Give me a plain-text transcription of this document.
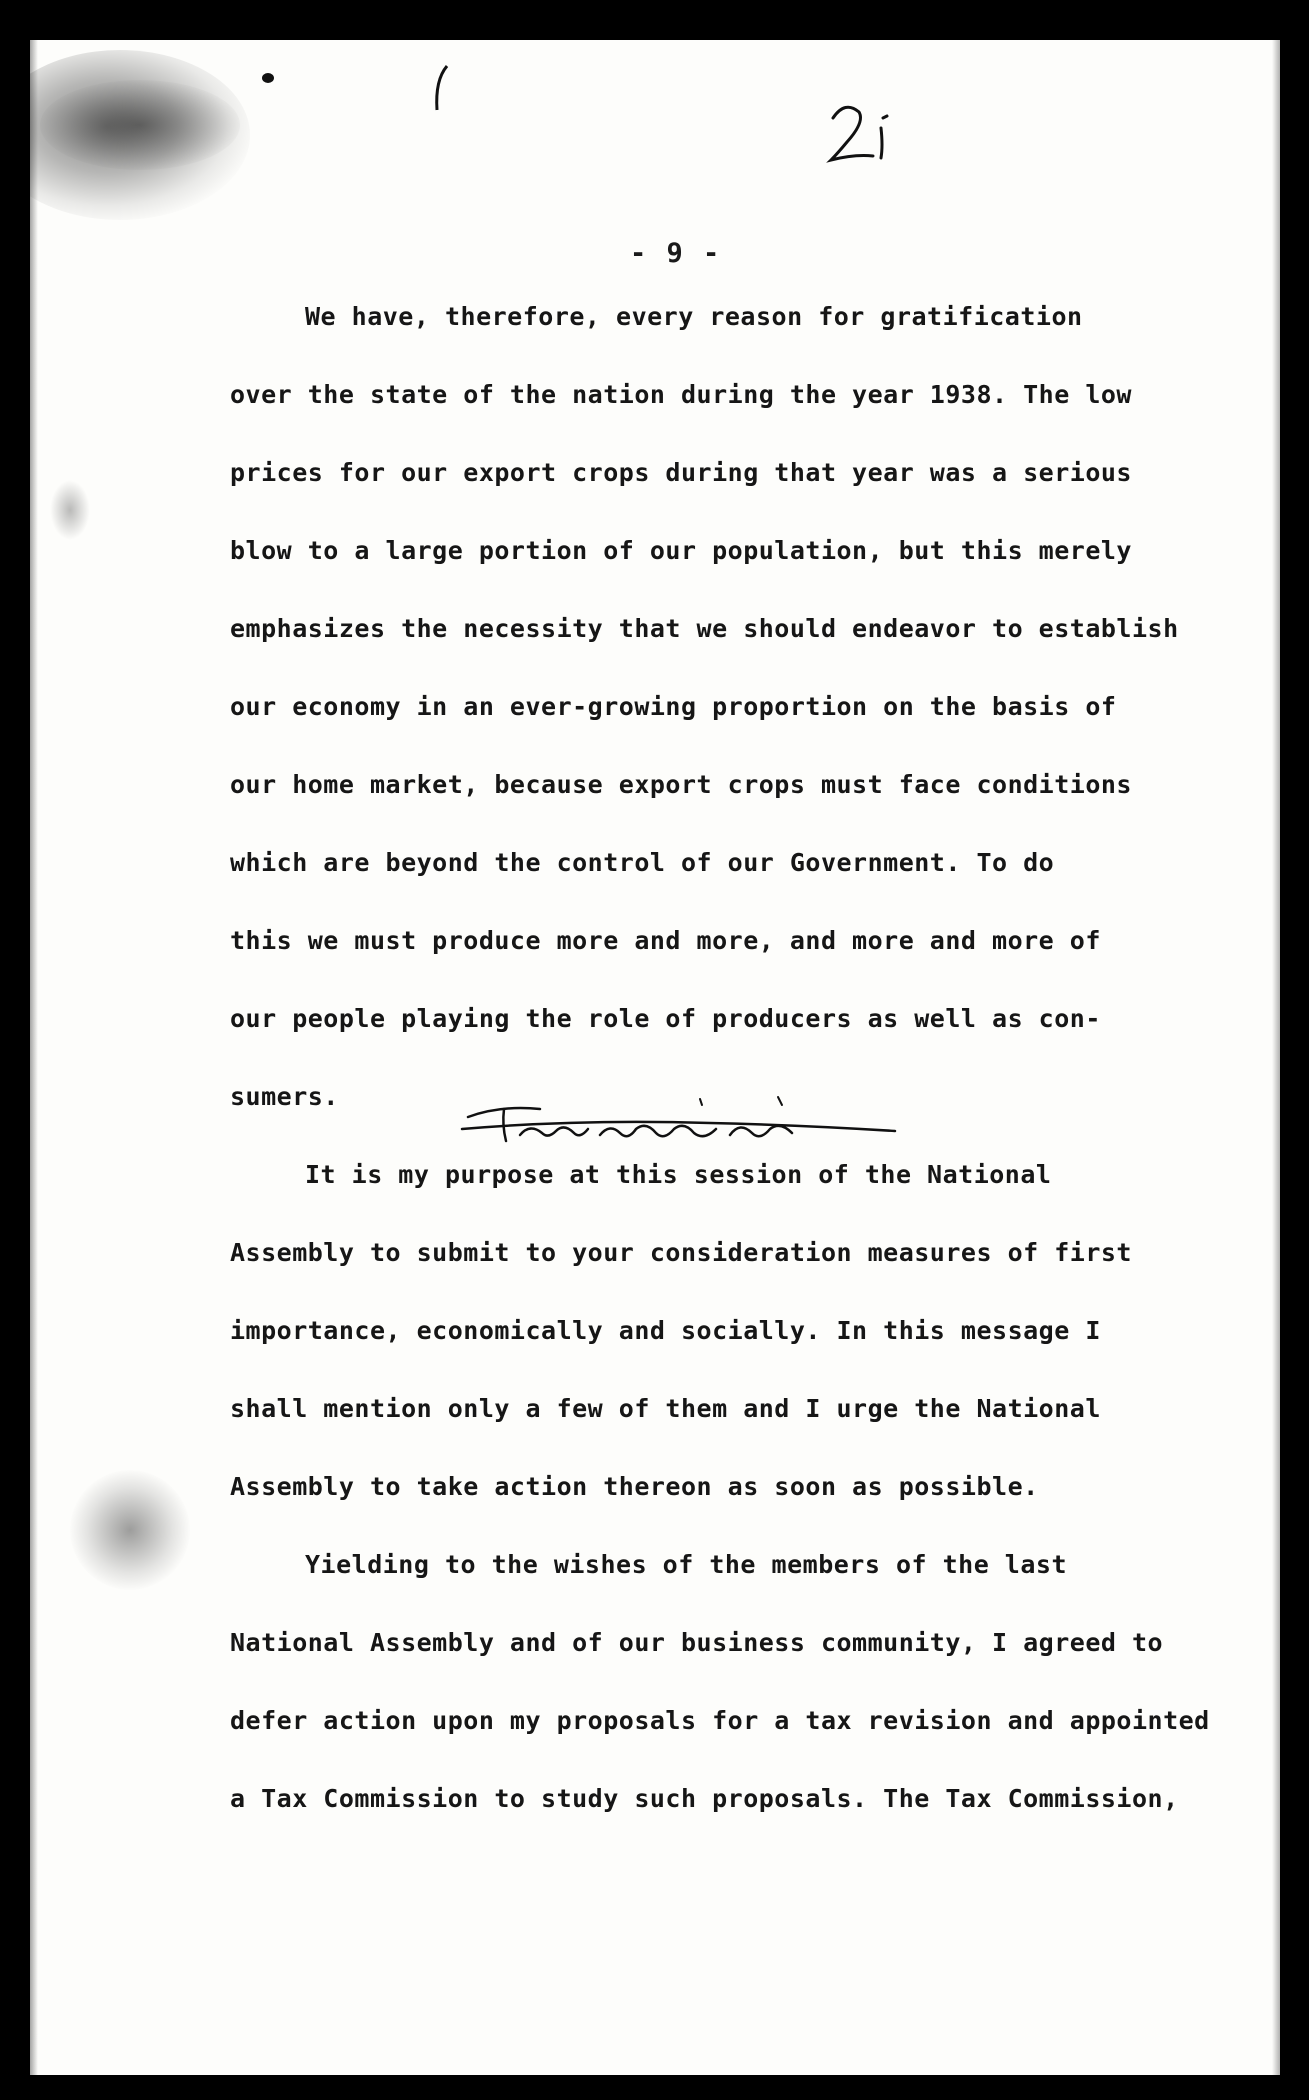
- 9 -
We have, therefore, every reason for gratification
over the state of the nation during the year 1938. The low
prices for our export crops during that year was a serious
blow to a large portion of our population, but this merely
emphasizes the necessity that we should endeavor to establish
our economy in an ever-growing proportion on the basis of
our home market, because export crops must face conditions
which are beyond the control of our Government. To do
this we must produce more and more, and more and more of
our people playing the role of producers as well as con-
sumers.
It is my purpose at this session of the National
Assembly to submit to your consideration measures of first
importance, economically and socially. In this message I
shall mention only a few of them and I urge the National
Assembly to take action thereon as soon as possible.
Yielding to the wishes of the members of the last
National Assembly and of our business community, I agreed to
defer action upon my proposals for a tax revision and appointed
a Tax Commission to study such proposals. The Tax Commission,
